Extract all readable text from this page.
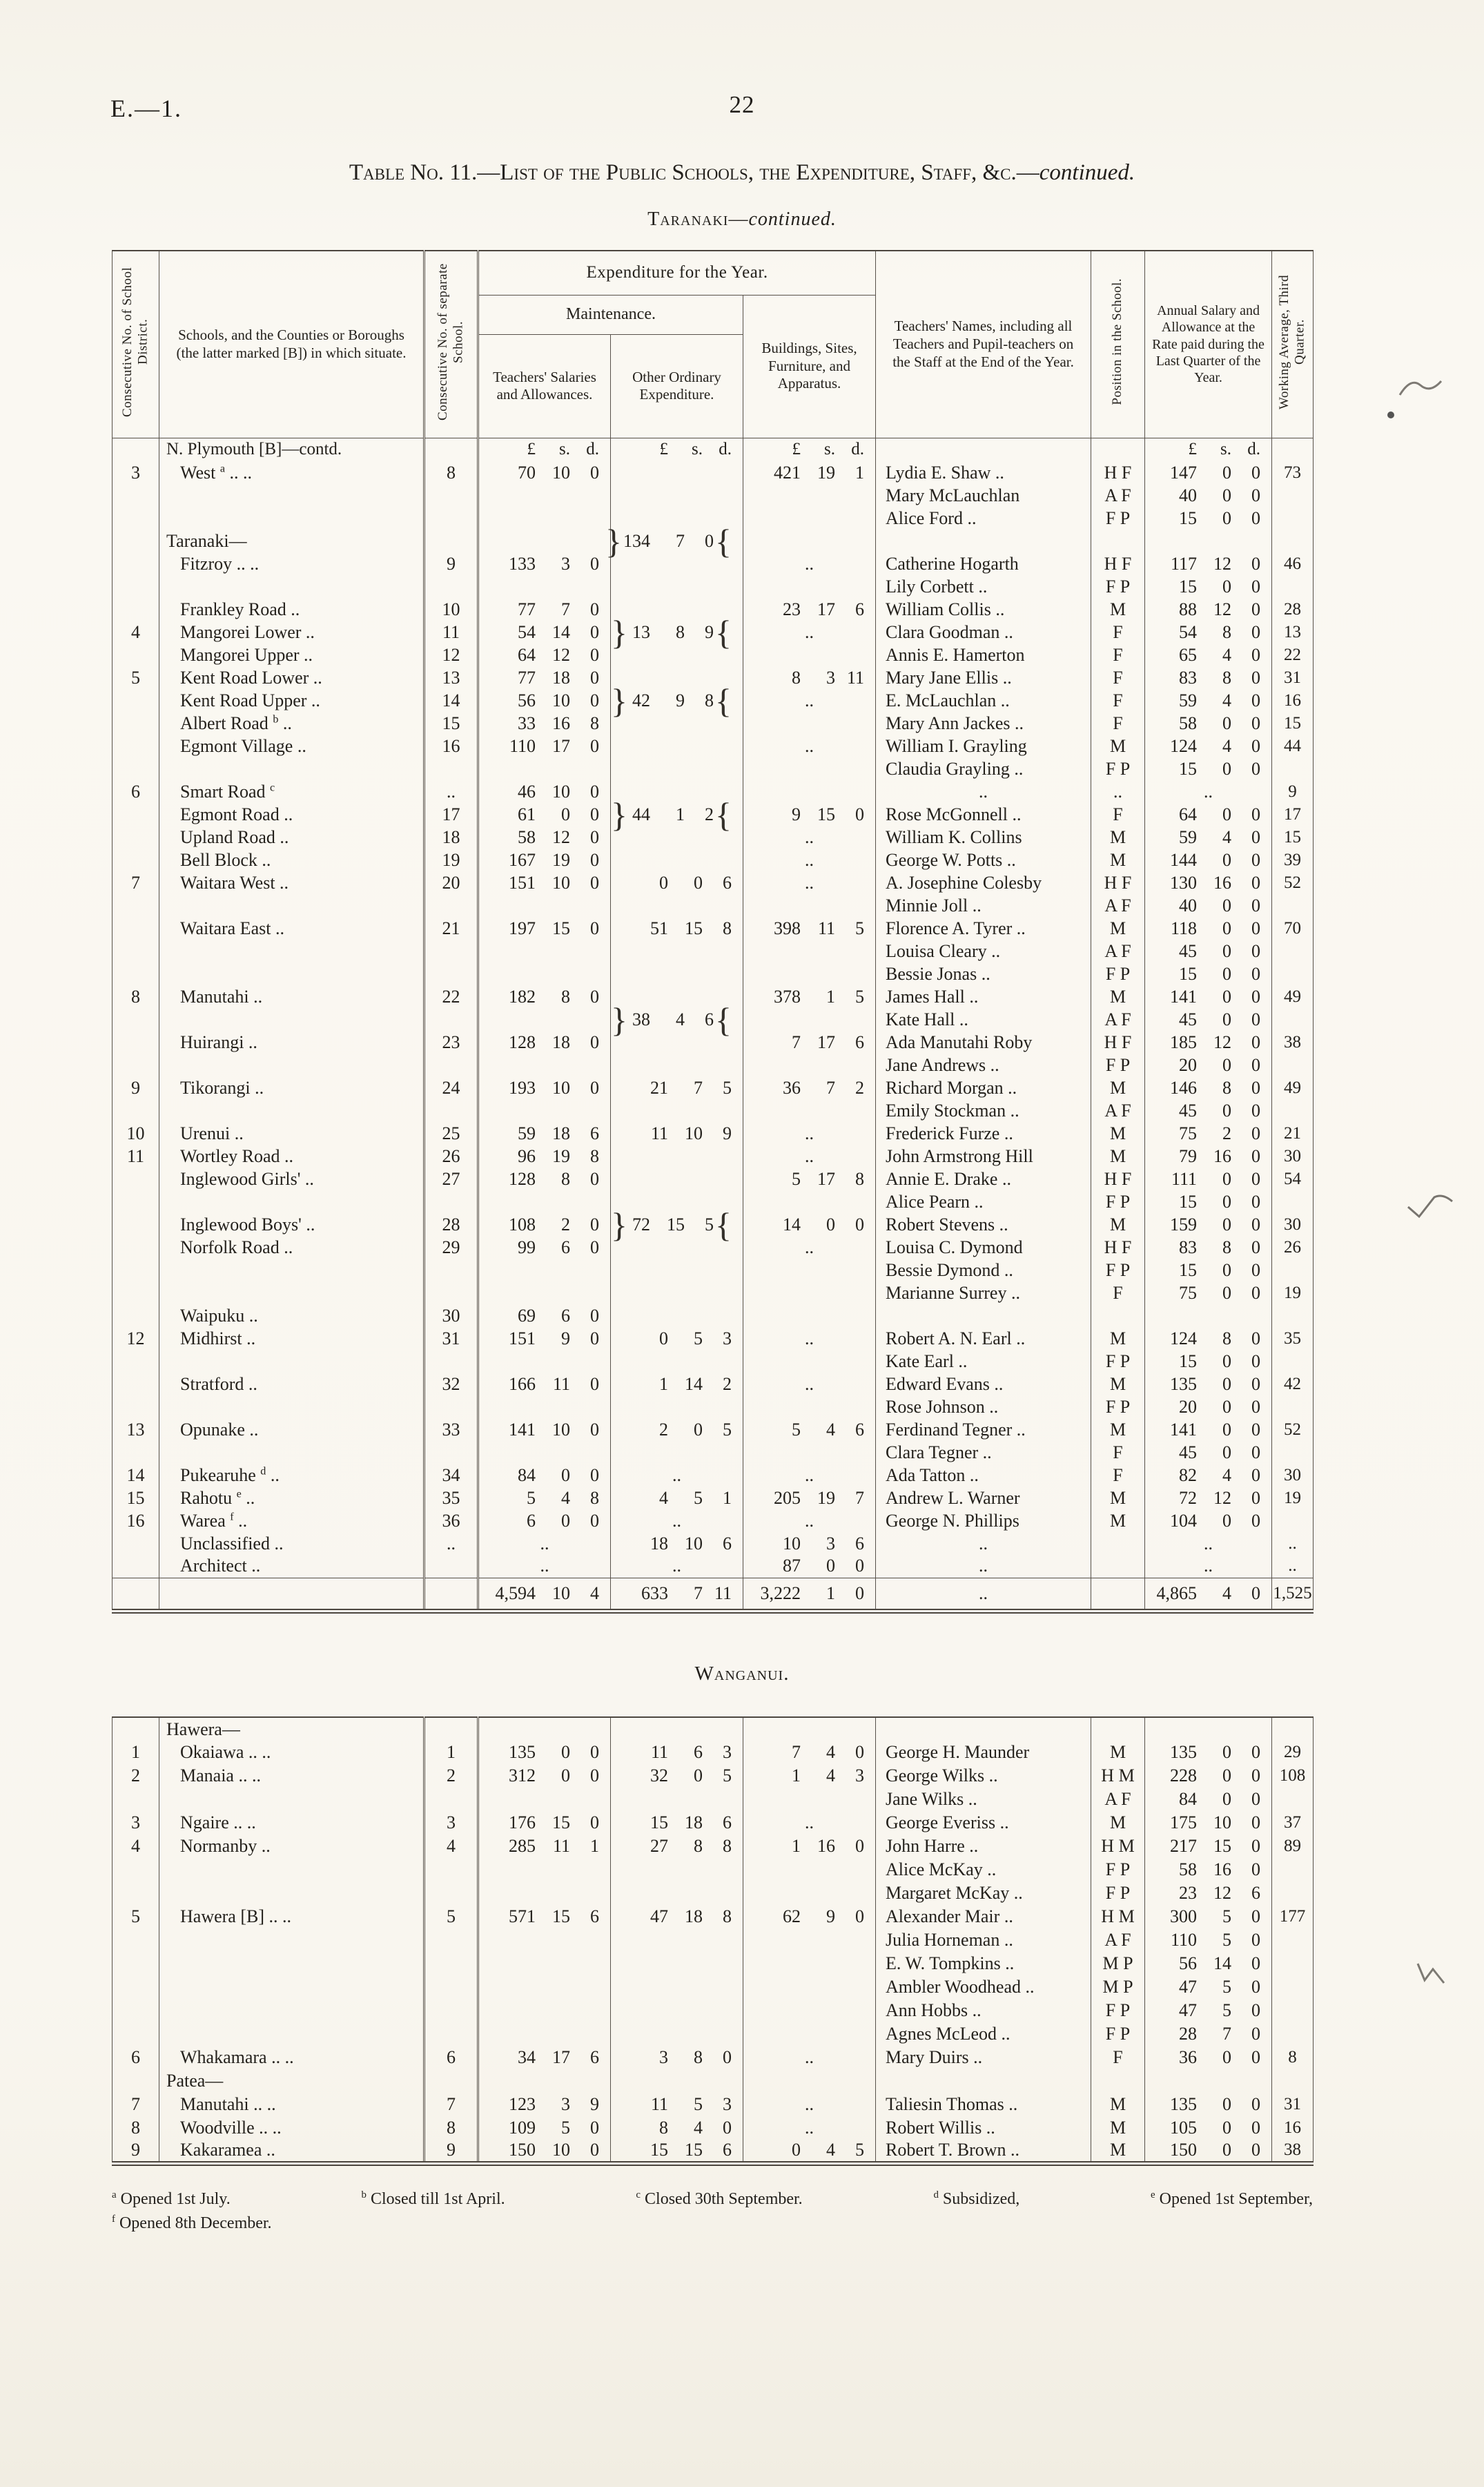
E.—1.	22
Table No. 11.—List of the Public Schools, the Expenditure, Staff, &c.—continued.
Taranaki—continued.
Consecutive No. of School District.	Schools, and the Counties or Boroughs (the latter marked [B]) in which situate.	Consecutive No. of separate School.	Expenditure for the Year.			Teachers' Names, including all Teachers and Pupil-teachers on the Staff at the End of the Year.	Position in the School.	Annual Salary and Allowance at the Rate paid during the Last Quarter of the Year.	Working Average, Third Quarter.
			Maintenance.		Buildings, Sites, Furniture, and Apparatus.				
			Teachers' Salaries and Allowances.	Other Ordinary Expenditure.					
	N. Plymouth [B]—contd.		£ s. d.	£ s. d.	£ s. d.			£ s. d.	

3	West $^a$ .. ..	8	70 10 0		421 19 1	Lydia E. Shaw ..	H F	147 0 0	73
						Mary McLauchlan	A F	40 0 0	

						Alice Ford ..	F P	15 0 0	

	Taranaki—			} 134 7 0 {					

	Fitzroy .. ..	9	133 3 0		..	Catherine Hogarth	H F	117 12 0	46
						Lily Corbett ..	F P	15 0 0	

	Frankley Road ..	10	77 7 0		23 17 6	William Collis ..	M	88 12 0	28
4	Mangorei Lower ..	11	54 14 0	} 13 8 9 {	..	Clara Goodman ..	F	54 8 0	13
	Mangorei Upper ..	12	64 12 0			Annis E. Hamerton	F	65 4 0	22
5	Kent Road Lower ..	13	77 18 0		8 3 11	Mary Jane Ellis ..	F	83 8 0	31
	Kent Road Upper ..	14	56 10 0	} 42 9 8 {	..	E. McLauchlan ..	F	59 4 0	16
	Albert Road $^b$ ..	15	33 16 8			Mary Ann Jackes ..	F	58 0 0	15
	Egmont Village ..	16	110 17 0		..	William I. Grayling	M	124 4 0	44
						Claudia Grayling ..	F P	15 0 0	

6	Smart Road $^c$	..	46 10 0			..	..	..	9
	Egmont Road ..	17	61 0 0	} 44 1 2 {	9 15 0	Rose McGonnell ..	F	64 0 0	17
	Upland Road ..	18	58 12 0		..	William K. Collins	M	59 4 0	15
	Bell Block ..	19	167 19 0		..	George W. Potts ..	M	144 0 0	39
7	Waitara West ..	20	151 10 0	0 0 6	..	A. Josephine Colesby	H F	130 16 0	52
						Minnie Joll ..	A F	40 0 0	

	Waitara East ..	21	197 15 0	51 15 8	398 11 5	Florence A. Tyrer ..	M	118 0 0	70
						Louisa Cleary ..	A F	45 0 0	

						Bessie Jonas ..	F P	15 0 0	

8	Manutahi ..	22	182 8 0		378 1 5	James Hall ..	M	141 0 0	49

				} 38 4 6 {		Kate Hall ..	A F	45 0 0	

	Huirangi ..	23	128 18 0		7 17 6	Ada Manutahi Roby	H F	185 12 0	38
						Jane Andrews ..	F P	20 0 0	

9	Tikorangi ..	24	193 10 0	21 7 5	36 7 2	Richard Morgan ..	M	146 8 0	49
						Emily Stockman ..	A F	45 0 0	

10	Urenui ..	25	59 18 6	11 10 9	..	Frederick Furze ..	M	75 2 0	21
11	Wortley Road ..	26	96 19 8		..	John Armstrong Hill	M	79 16 0	30
	Inglewood Girls' ..	27	128 8 0		5 17 8	Annie E. Drake ..	H F	111 0 0	54
						Alice Pearn ..	F P	15 0 0	

	Inglewood Boys' ..	28	108 2 0	} 72 15 5 {	14 0 0	Robert Stevens ..	M	159 0 0	30
	Norfolk Road ..	29	99 6 0		..	Louisa C. Dymond	H F	83 8 0	26
						Bessie Dymond ..	F P	15 0 0	

						Marianne Surrey ..	F	75 0 0	19
	Waipuku ..	30	69 6 0						

12	Midhirst ..	31	151 9 0	0 5 3	..	Robert A. N. Earl ..	M	124 8 0	35
						Kate Earl ..	F P	15 0 0	

	Stratford ..	32	166 11 0	1 14 2	..	Edward Evans ..	M	135 0 0	42
						Rose Johnson ..	F P	20 0 0	

13	Opunake ..	33	141 10 0	2 0 5	5 4 6	Ferdinand Tegner ..	M	141 0 0	52
						Clara Tegner ..	F	45 0 0	

14	Pukearuhe $^d$ ..	34	84 0 0	..	..	Ada Tatton ..	F	82 4 0	30
15	Rahotu $^e$ ..	35	5 4 8	4 5 1	205 19 7	Andrew L. Warner	M	72 12 0	19
16	Warea $^f$ ..	36	6 0 0	..	..	George N. Phillips	M	104 0 0	

	Unclassified ..	..	..	18 10 6	10 3 6	..		..	..
	Architect ..		..	..	87 0 0	..		..	..

			4,594 10 4	633 7 11	3,222 1 0	..		4,865 4 0	1,525
Wanganui.
	Hawera—								
1	Okaiawa .. ..	1	135 0 0	11 6 3	7 4 0	George H. Maunder	M	135 0 0	29
2	Manaia .. ..	2	312 0 0	32 0 5	1 4 3	George Wilks ..	H M	228 0 0	108
						Jane Wilks ..	A F	84 0 0	

3	Ngaire .. ..	3	176 15 0	15 18 6	..	George Everiss ..	M	175 10 0	37
4	Normanby ..	4	285 11 1	27 8 8	1 16 0	John Harre ..	H M	217 15 0	89
						Alice McKay ..	F P	58 16 0	

						Margaret McKay ..	F P	23 12 6	

5	Hawera [B] .. ..	5	571 15 6	47 18 8	62 9 0	Alexander Mair ..	H M	300 5 0	177
						Julia Horneman ..	A F	110 5 0	

						E. W. Tompkins ..	M P	56 14 0	

						Ambler Woodhead ..	M P	47 5 0	

						Ann Hobbs ..	F P	47 5 0	

						Agnes McLeod ..	F P	28 7 0	

6	Whakamara .. ..	6	34 17 6	3 8 0	..	Mary Duirs ..	F	36 0 0	8
	Patea—								
7	Manutahi .. ..	7	123 3 9	11 5 3	..	Taliesin Thomas ..	M	135 0 0	31
8	Woodville .. ..	8	109 5 0	8 4 0	..	Robert Willis ..	M	105 0 0	16
9	Kakaramea ..	9	150 10 0	15 15 6	0 4 5	Robert T. Brown ..	M	150 0 0	38
$^a$ Opened 1st July.	$^b$ Closed till 1st April.	$^c$ Closed 30th September.	$^d$ Subsidized,	$^e$ Opened 1st September,
$^f$ Opened 8th December.
